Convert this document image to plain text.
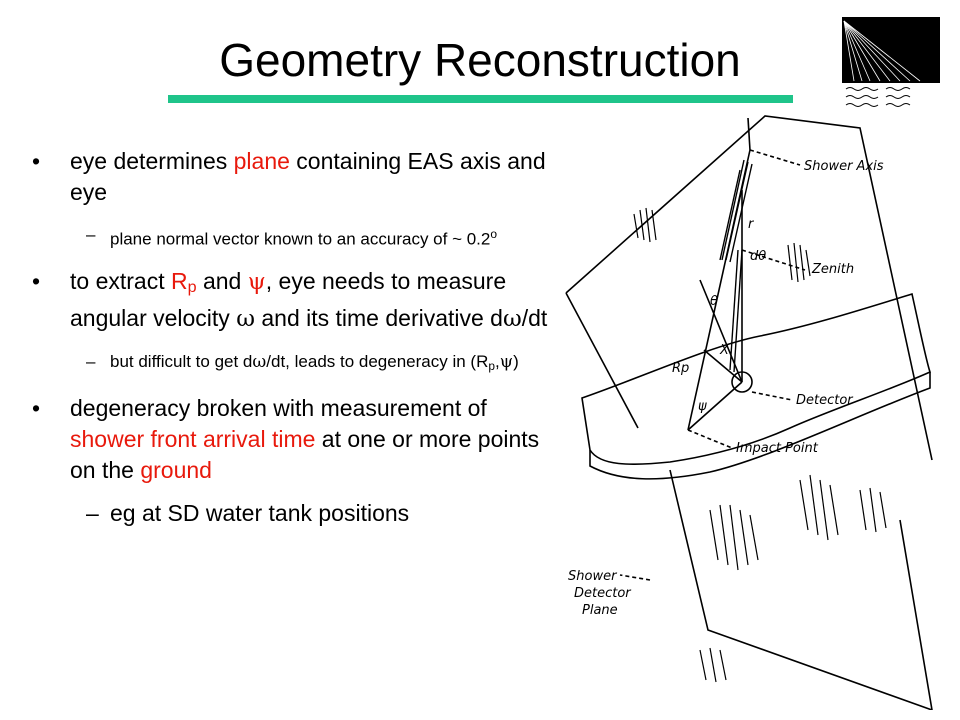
Geometry Reconstruction
• eye determines plane containing EAS axis and eye
– plane normal vector known to an accuracy of ~ 0.2$^o$
• to extract Rp and ψ, eye needs to measure angular velocity ω and its time derivative dω/dt
– but difficult to get dω/dt, leads to degeneracy in $(R_p,\psi)$
• degeneracy broken with measurement of shower front arrival time at one or more points on the ground
– eg at SD water tank positions
Shower Axis
Zenith
Detector
Impact Point
r
dθ
θ
X
Rp
ψ
Shower
Detector
Plane
